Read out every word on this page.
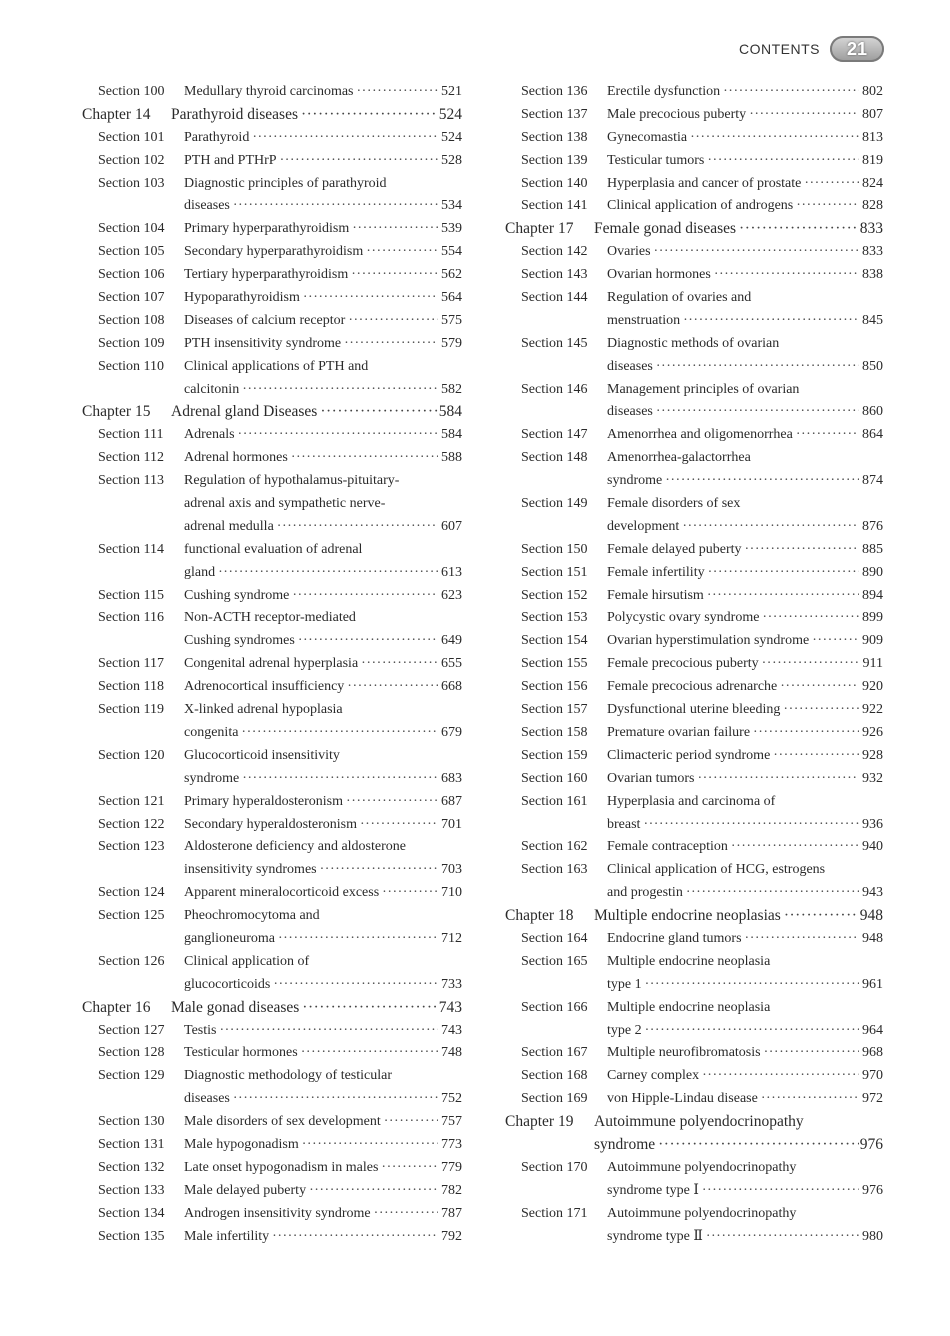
CONTENTS 21
Section 100	Medullary thyroid carcinomas ·····	521
Chapter 14	Parathyroid diseases ·····	524
Section 101	Parathyroid ·····	524
Section 102	PTH and PTHrP ·····	528
Section 103	Diagnostic principles of parathyroid
diseases ·····	534
Section 104	Primary hyperparathyroidism ·····	539
Section 105	Secondary hyperparathyroidism ·····	554
Section 106	Tertiary hyperparathyroidism ·····	562
Section 107	Hypoparathyroidism ·····	564
Section 108	Diseases of calcium receptor ·····	575
Section 109	PTH insensitivity syndrome ·····	579
Section 110	Clinical applications of PTH and
calcitonin ·····	582
Chapter 15	Adrenal gland Diseases ·····	584
Section 111	Adrenals ·····	584
Section 112	Adrenal hormones ·····	588
Section 113	Regulation of hypothalamus-pituitary-
adrenal axis and sympathetic nerve-
adrenal medulla ·····	607
Section 114	functional evaluation of adrenal
gland ·····	613
Section 115	Cushing syndrome ·····	623
Section 116	Non-ACTH receptor-mediated
Cushing syndromes ·····	649
Section 117	Congenital adrenal hyperplasia ·····	655
Section 118	Adrenocortical insufficiency ·····	668
Section 119	X-linked adrenal hypoplasia
congenita ·····	679
Section 120	Glucocorticoid insensitivity
syndrome ·····	683
Section 121	Primary hyperaldosteronism ·····	687
Section 122	Secondary hyperaldosteronism ·····	701
Section 123	Aldosterone deficiency and aldosterone
insensitivity syndromes ·····	703
Section 124	Apparent mineralocorticoid excess ·····	710
Section 125	Pheochromocytoma and
ganglioneuroma ·····	712
Section 126	Clinical application of
glucocorticoids ·····	733
Chapter 16	Male gonad diseases ·····	743
Section 127	Testis ·····	743
Section 128	Testicular hormones ·····	748
Section 129	Diagnostic methodology of testicular
diseases ·····	752
Section 130	Male disorders of sex development ·····	757
Section 131	Male hypogonadism ·····	773
Section 132	Late onset hypogonadism in males ·····	779
Section 133	Male delayed puberty ·····	782
Section 134	Androgen insensitivity syndrome ·····	787
Section 135	Male infertility ·····	792
Section 136	Erectile dysfunction ·····	802
Section 137	Male precocious puberty ·····	807
Section 138	Gynecomastia ·····	813
Section 139	Testicular tumors ·····	819
Section 140	Hyperplasia and cancer of prostate ·····	824
Section 141	Clinical application of androgens ·····	828
Chapter 17	Female gonad diseases ·····	833
Section 142	Ovaries ·····	833
Section 143	Ovarian hormones ·····	838
Section 144	Regulation of ovaries and
menstruation ·····	845
Section 145	Diagnostic methods of ovarian
diseases ·····	850
Section 146	Management principles of ovarian
diseases ·····	860
Section 147	Amenorrhea and oligomenorrhea ·····	864
Section 148	Amenorrhea-galactorrhea
syndrome ·····	874
Section 149	Female disorders of sex
development ·····	876
Section 150	Female delayed puberty ·····	885
Section 151	Female infertility ·····	890
Section 152	Female hirsutism ·····	894
Section 153	Polycystic ovary syndrome ·····	899
Section 154	Ovarian hyperstimulation syndrome ·····	909
Section 155	Female precocious puberty ·····	911
Section 156	Female precocious adrenarche ·····	920
Section 157	Dysfunctional uterine bleeding ·····	922
Section 158	Premature ovarian failure ·····	926
Section 159	Climacteric period syndrome ·····	928
Section 160	Ovarian tumors ·····	932
Section 161	Hyperplasia and carcinoma of
breast ·····	936
Section 162	Female contraception ·····	940
Section 163	Clinical application of HCG, estrogens
and progestin ·····	943
Chapter 18	Multiple endocrine neoplasias ·····	948
Section 164	Endocrine gland tumors ·····	948
Section 165	Multiple endocrine neoplasia
type 1 ·····	961
Section 166	Multiple endocrine neoplasia
type 2 ·····	964
Section 167	Multiple neurofibromatosis ·····	968
Section 168	Carney complex ·····	970
Section 169	von Hipple-Lindau disease ·····	972
Chapter 19	Autoimmune polyendocrinopathy
syndrome ·····	976
Section 170	Autoimmune polyendocrinopathy
syndrome type Ⅰ ·····	976
Section 171	Autoimmune polyendocrinopathy
syndrome type Ⅱ ·····	980
